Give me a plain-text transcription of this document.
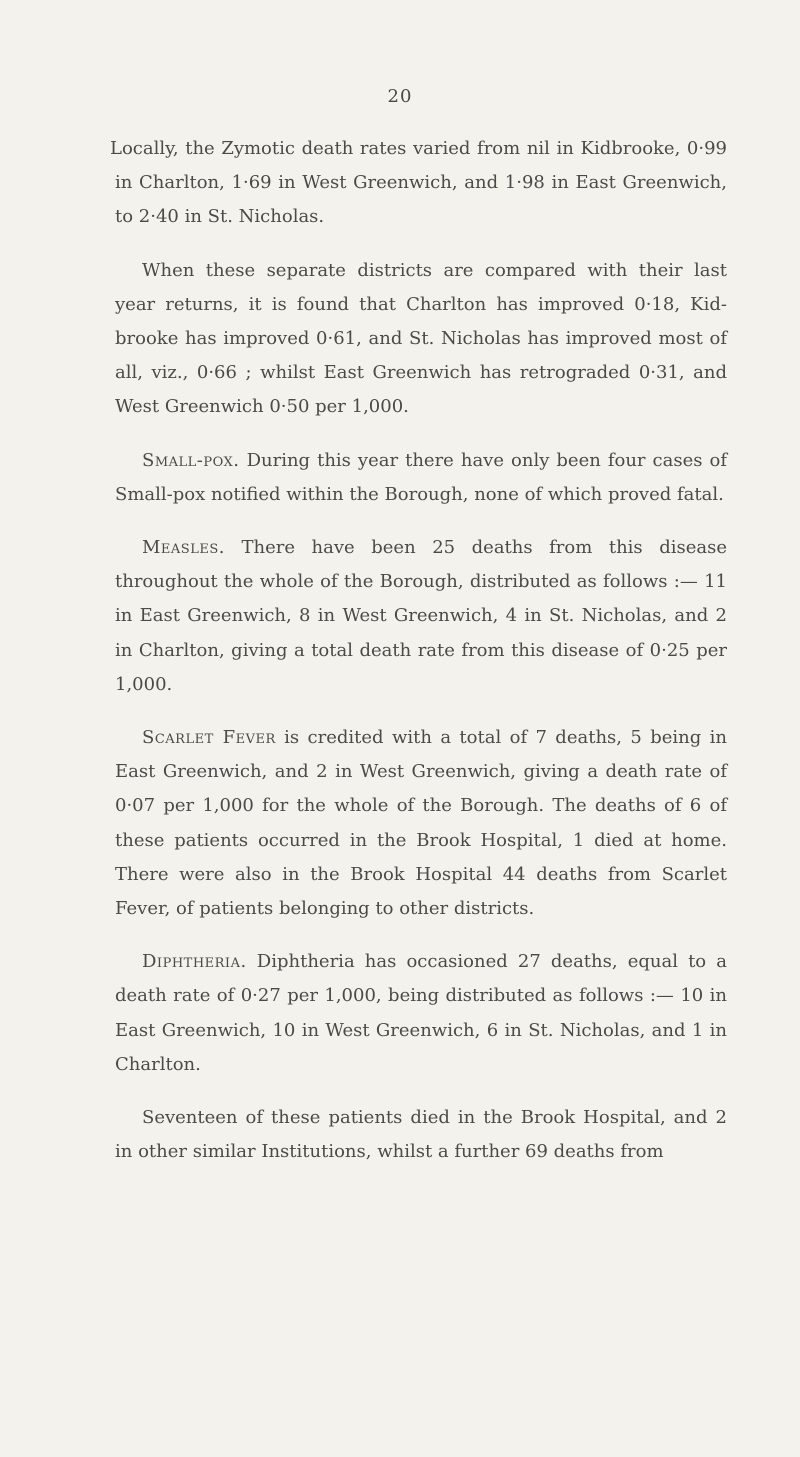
20

Locally, the Zymotic death rates varied from nil in Kidbrooke, 0·99 in Charlton, 1·69 in West Greenwich, and 1·98 in East Greenwich, to 2·40 in St. Nicholas.

When these separate districts are compared with their last year returns, it is found that Charlton has improved 0·18, Kidbrooke has improved 0·61, and St. Nicholas has improved most of all, viz., 0·66 ; whilst East Greenwich has retrograded 0·31, and West Greenwich 0·50 per 1,000.

Small-pox. During this year there have only been four cases of Small-pox notified within the Borough, none of which proved fatal.

Measles. There have been 25 deaths from this disease throughout the whole of the Borough, distributed as follows :— 11 in East Greenwich, 8 in West Greenwich, 4 in St. Nicholas, and 2 in Charlton, giving a total death rate from this disease of 0·25 per 1,000.

Scarlet Fever is credited with a total of 7 deaths, 5 being in East Greenwich, and 2 in West Greenwich, giving a death rate of 0·07 per 1,000 for the whole of the Borough. The deaths of 6 of these patients occurred in the Brook Hospital, 1 died at home. There were also in the Brook Hospital 44 deaths from Scarlet Fever, of patients belonging to other districts.

Diphtheria. Diphtheria has occasioned 27 deaths, equal to a death rate of 0·27 per 1,000, being distributed as follows :— 10 in East Greenwich, 10 in West Greenwich, 6 in St. Nicholas, and 1 in Charlton.

Seventeen of these patients died in the Brook Hospital, and 2 in other similar Institutions, whilst a further 69 deaths from
